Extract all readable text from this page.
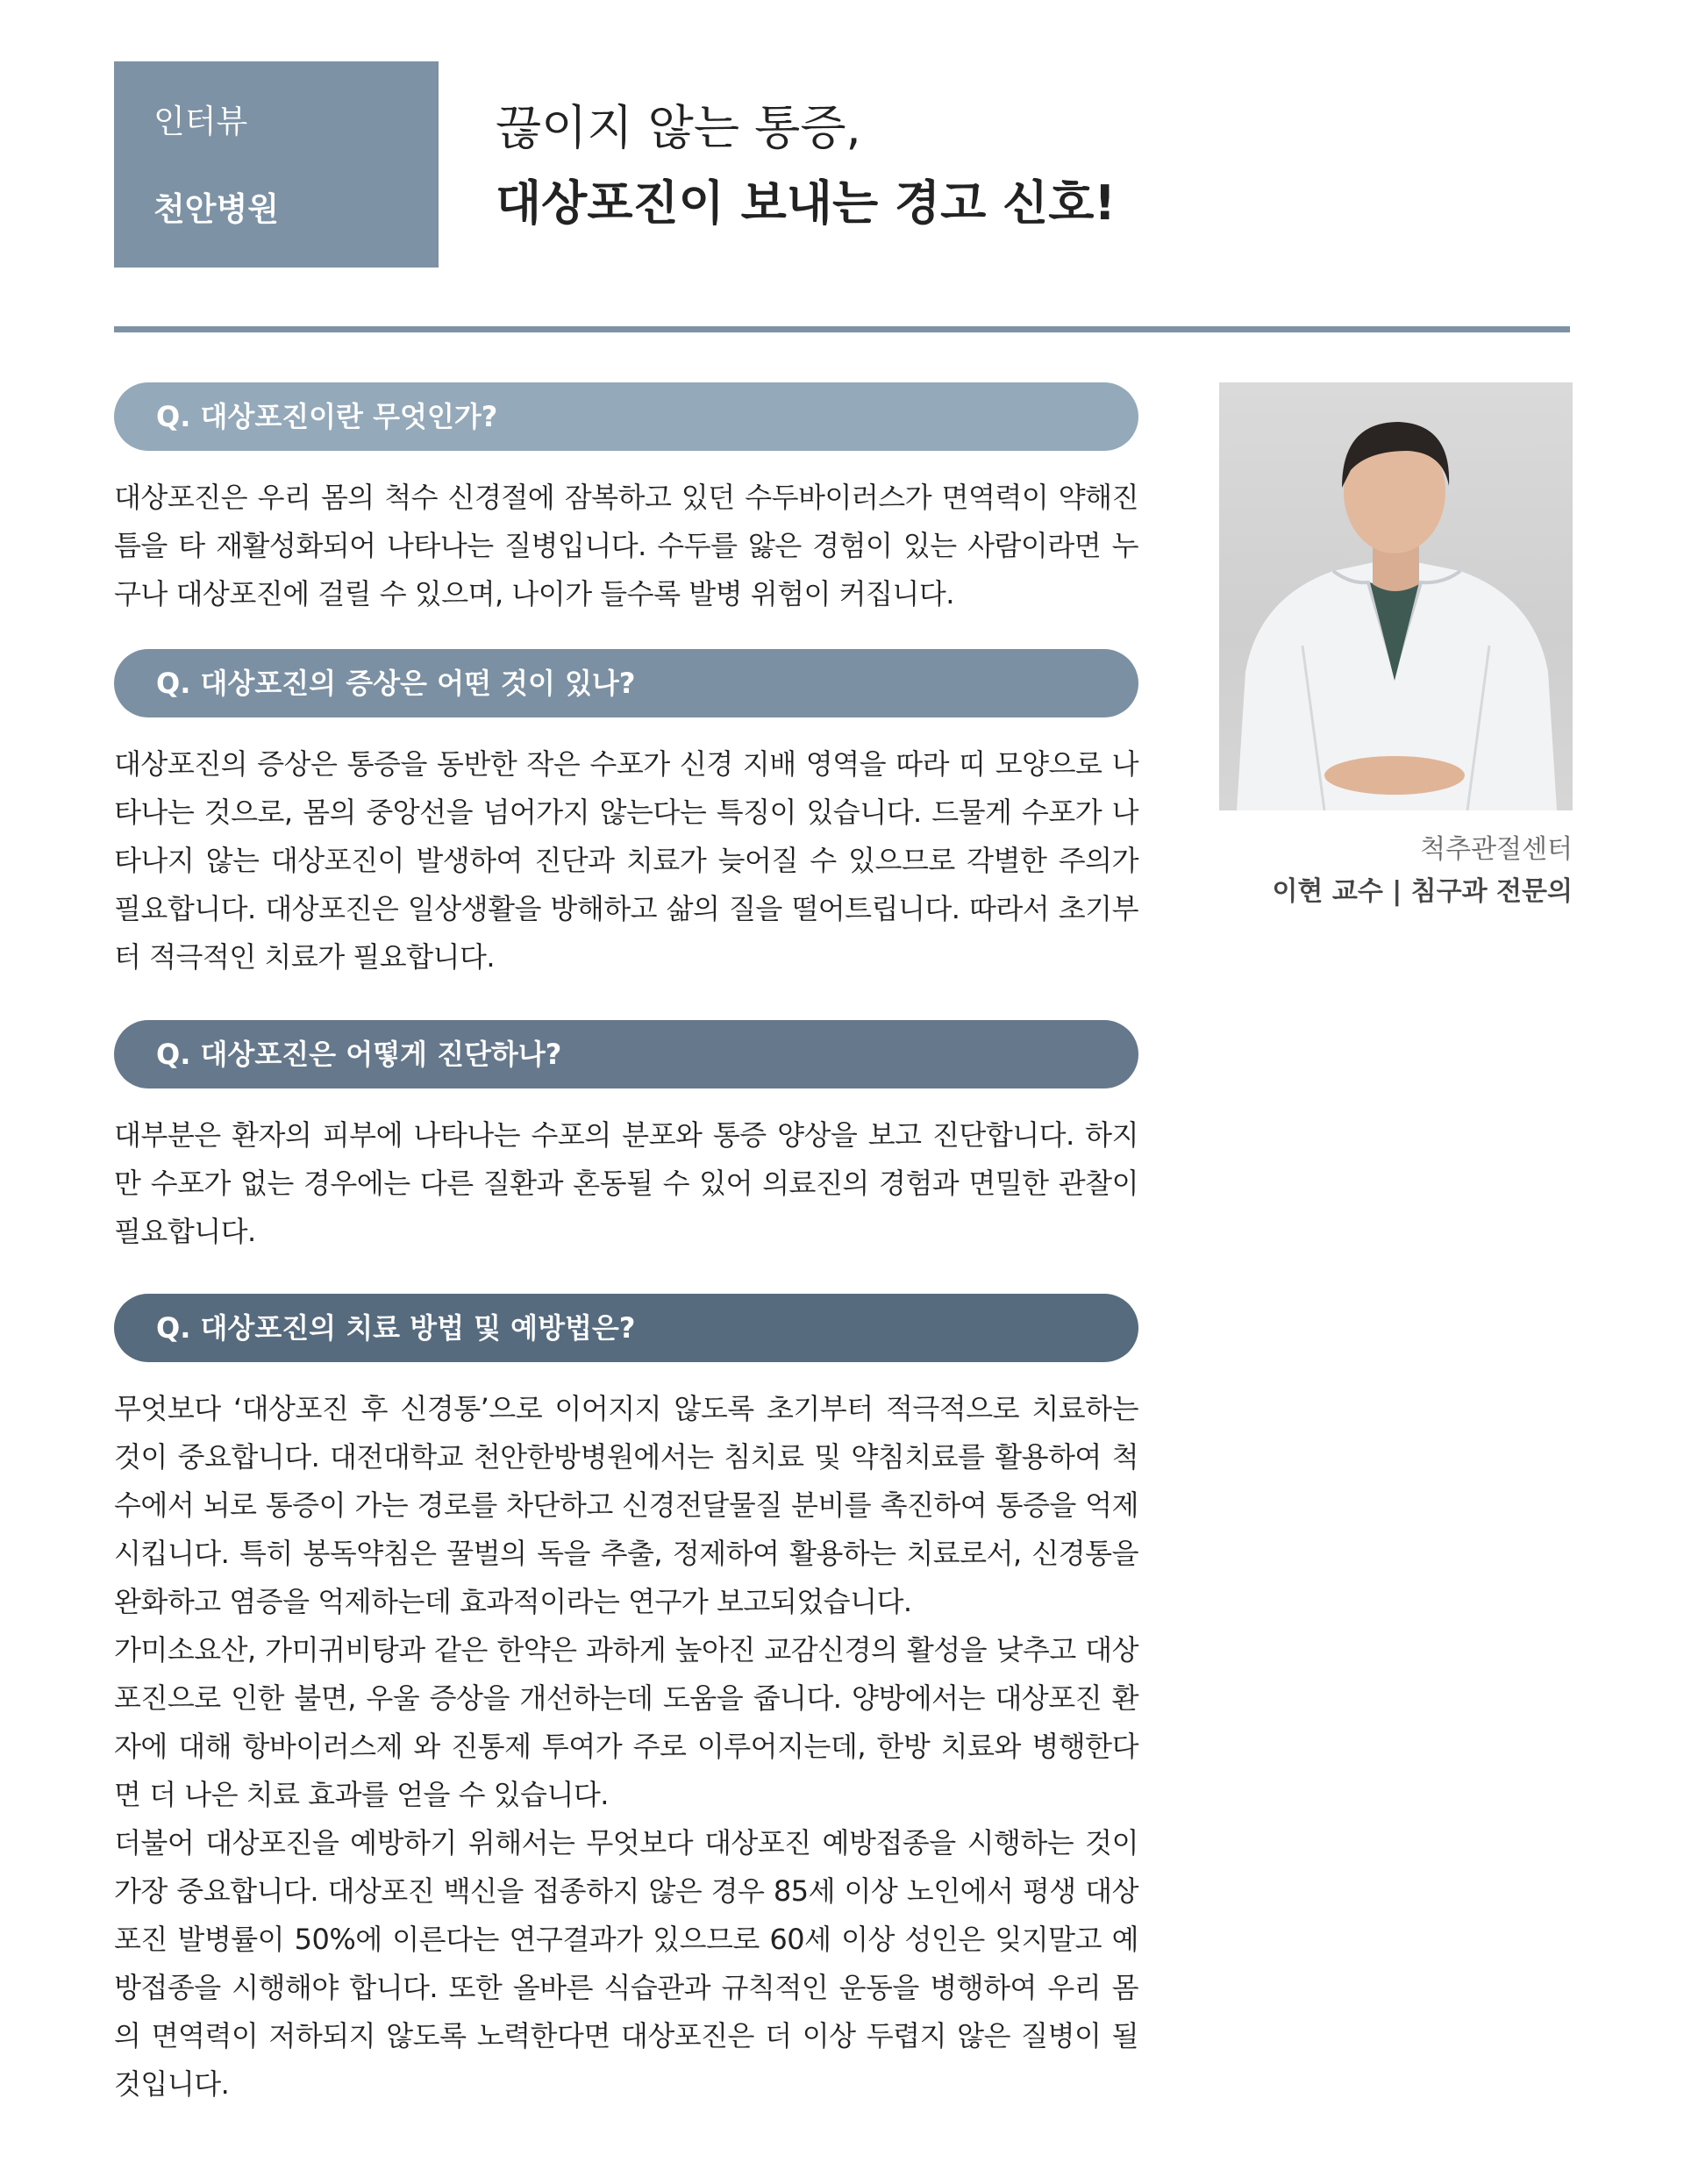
인터뷰
천안병원
끊이지 않는 통증,
대상포진이 보내는 경고 신호!
Q. 대상포진이란 무엇인가?

대상포진은 우리 몸의 척수 신경절에 잠복하고 있던 수두바이러스가 면역력이 약해진 틈을 타 재활성화되어 나타나는 질병입니다. 수두를 앓은 경험이 있는 사람이라면 누구나 대상포진에 걸릴 수 있으며, 나이가 들수록 발병 위험이 커집니다.

Q. 대상포진의 증상은 어떤 것이 있나?

대상포진의 증상은 통증을 동반한 작은 수포가 신경 지배 영역을 따라 띠 모양으로 나타나는 것으로, 몸의 중앙선을 넘어가지 않는다는 특징이 있습니다. 드물게 수포가 나타나지 않는 대상포진이 발생하여 진단과 치료가 늦어질 수 있으므로 각별한 주의가 필요합니다. 대상포진은 일상생활을 방해하고 삶의 질을 떨어트립니다. 따라서 초기부터 적극적인 치료가 필요합니다.

Q. 대상포진은 어떻게 진단하나?

대부분은 환자의 피부에 나타나는 수포의 분포와 통증 양상을 보고 진단합니다. 하지만 수포가 없는 경우에는 다른 질환과 혼동될 수 있어 의료진의 경험과 면밀한 관찰이 필요합니다.

Q. 대상포진의 치료 방법 및 예방법은?

무엇보다 ‘대상포진 후 신경통’으로 이어지지 않도록 초기부터 적극적으로 치료하는 것이 중요합니다. 대전대학교 천안한방병원에서는 침치료 및 약침치료를 활용하여 척수에서 뇌로 통증이 가는 경로를 차단하고 신경전달물질 분비를 촉진하여 통증을 억제시킵니다. 특히 봉독약침은 꿀벌의 독을 추출, 정제하여 활용하는 치료로서, 신경통을 완화하고 염증을 억제하는데 효과적이라는 연구가 보고되었습니다.

가미소요산, 가미귀비탕과 같은 한약은 과하게 높아진 교감신경의 활성을 낮추고 대상포진으로 인한 불면, 우울 증상을 개선하는데 도움을 줍니다. 양방에서는 대상포진 환자에 대해 항바이러스제 와 진통제 투여가 주로 이루어지는데, 한방 치료와 병행한다면 더 나은 치료 효과를 얻을 수 있습니다.

더불어 대상포진을 예방하기 위해서는 무엇보다 대상포진 예방접종을 시행하는 것이 가장 중요합니다. 대상포진 백신을 접종하지 않은 경우 85세 이상 노인에서 평생 대상포진 발병률이 50%에 이른다는 연구결과가 있으므로 60세 이상 성인은 잊지말고 예방접종을 시행해야 합니다. 또한 올바른 식습관과 규칙적인 운동을 병행하여 우리 몸의 면역력이 저하되지 않도록 노력한다면 대상포진은 더 이상 두렵지 않은 질병이 될 것입니다.

척추관절센터
이현 교수 | 침구과 전문의
